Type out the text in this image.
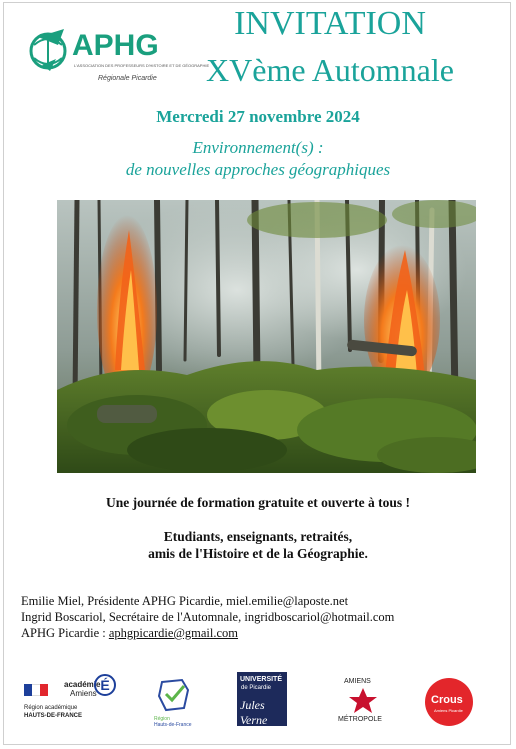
APHG
L'ASSOCIATION DES PROFESSEURS D'HISTOIRE ET DE GÉOGRAPHIE
Régionale Picardie
INVITATION
XVème Automnale
Mercredi 27 novembre 2024
Environnement(s) :
de nouvelles approches géographiques
Une journée de formation gratuite et ouverte à tous !
Etudiants, enseignants, retraités,
amis de l'Histoire et de la Géographie.
Emilie Miel, Présidente APHG Picardie, miel.emilie@laposte.net
Ingrid Boscariol, Secrétaire de l'Automnale, ingridboscariol@hotmail.com
APHG Picardie : aphgpicardie@gmail.com
académie
Amiens
É
Région académique
HAUTS-DE-FRANCE	Région
Hauts-de-France
UNIVERSITÉ
de Picardie
Jules Verne
AMIENS
MÉTROPOLE
Crous
Amiens Picardie
